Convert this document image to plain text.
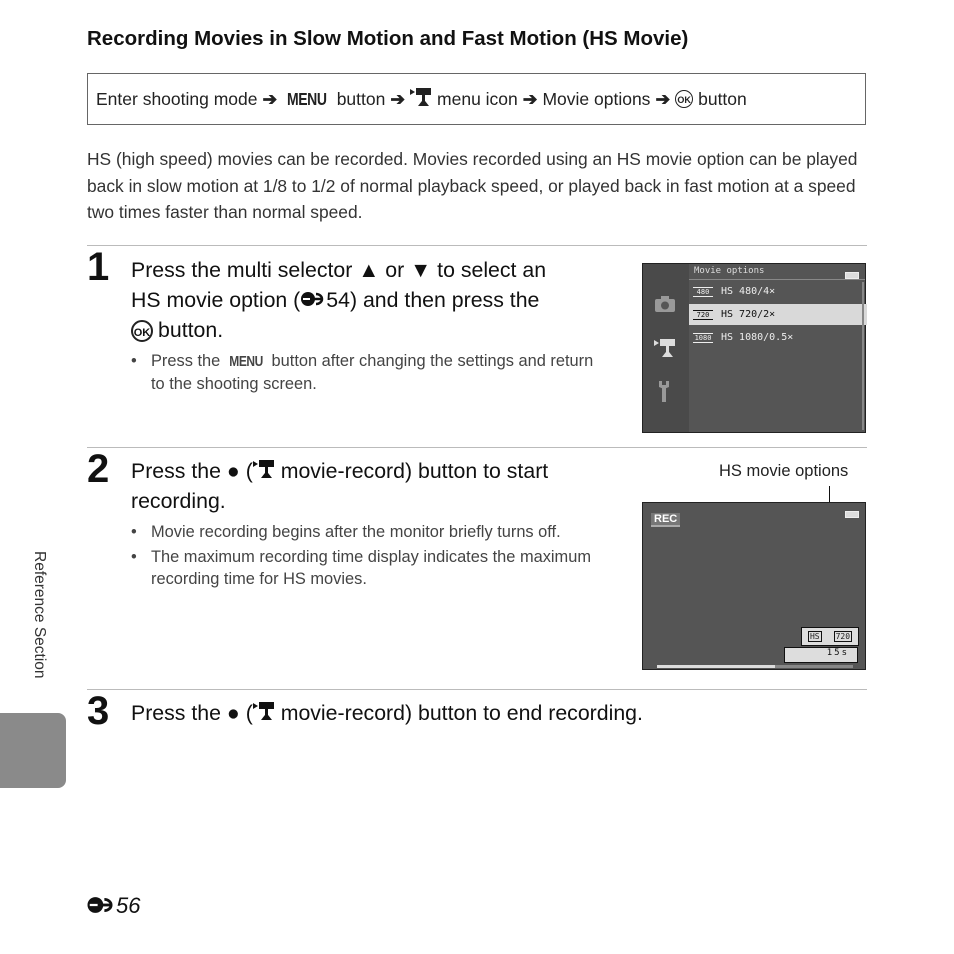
Recording Movies in Slow Motion and Fast Motion (HS Movie)
Enter shooting mode ➔ MENU button ➔ menu icon ➔ Movie options ➔ OK button
HS (high speed) movies can be recorded. Movies recorded using an HS movie option can be played back in slow motion at 1/8 to 1/2 of normal playback speed, or played back in fast motion at a speed two times faster than normal speed.
1 Press the multi selector ▲ or ▼ to select an
HS movie option ( 54) and then press the
OK button.
• Press the MENU button after changing the settings and return to the shooting screen.
Movie options
480	HS 480/4×
720	HS 720/2×
1080 HS 1080/0.5×
2 Press the ● ( movie-record) button to start
recording.
• Movie recording begins after the monitor briefly turns off.
• The maximum recording time display indicates the maximum recording time for HS movies.
HS movie options
REC
HS 720
15s
3 Press the ● ( movie-record) button to end recording.
Reference Section
56
